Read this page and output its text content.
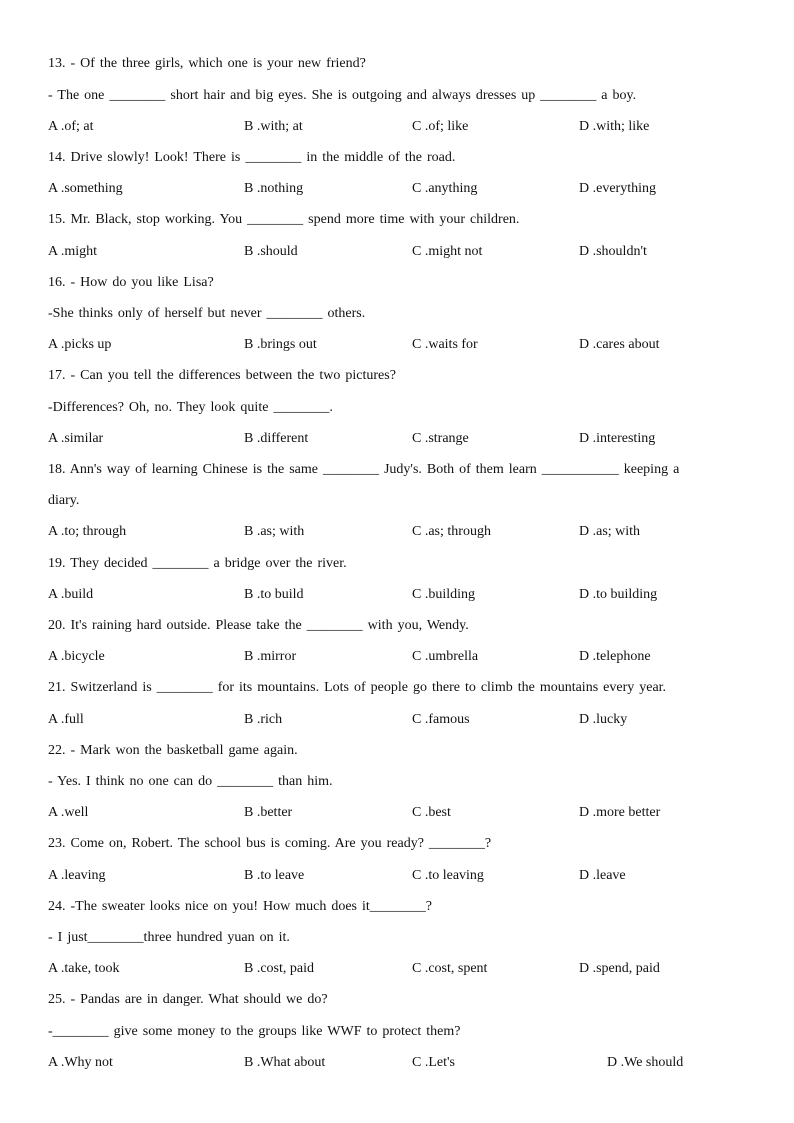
13. - Of the three girls, which one is your new friend?
- The one ________ short hair and big eyes. She is outgoing and always dresses up ________ a boy.
A .of; at	B .with; at	C .of; like	D .with; like
14. Drive slowly! Look! There is ________ in the middle of the road.
A .something	B .nothing	C .anything	D .everything
15. Mr. Black, stop working. You ________ spend more time with your children.
A .might	B .should	C .might not	D .shouldn't
16. - How do you like Lisa?
-She thinks only of herself but never ________ others.
A .picks up	B .brings out	C .waits for	D .cares about
17. - Can you tell the differences between the two pictures?
-Differences? Oh, no. They look quite ________.
A .similar	B .different	C .strange	D .interesting
18. Ann's way of learning Chinese is the same ________ Judy's. Both of them learn ___________ keeping a
diary.
A .to; through	B .as; with	C .as; through	D .as; with
19. They decided ________ a bridge over the river.
A .build	B .to build	C .building	D .to building
20. It's raining hard outside. Please take the ________ with you, Wendy.
A .bicycle	B .mirror	C .umbrella	D .telephone
21. Switzerland is ________ for its mountains. Lots of people go there to climb the mountains every year.
A .full	B .rich	C .famous	D .lucky
22. - Mark won the basketball game again.
- Yes. I think no one can do ________ than him.
A .well	B .better	C .best	D .more better
23. Come on, Robert. The school bus is coming. Are you ready? ________?
A .leaving	B .to leave	C .to leaving	D .leave
24. -The sweater looks nice on you! How much does it________?
- I just________three hundred yuan on it.
A .take, took	B .cost, paid	C .cost, spent	D .spend, paid
25. - Pandas are in danger. What should we do?
-________ give some money to the groups like WWF to protect them?
A .Why not	B .What about	C .Let's	D .We should
